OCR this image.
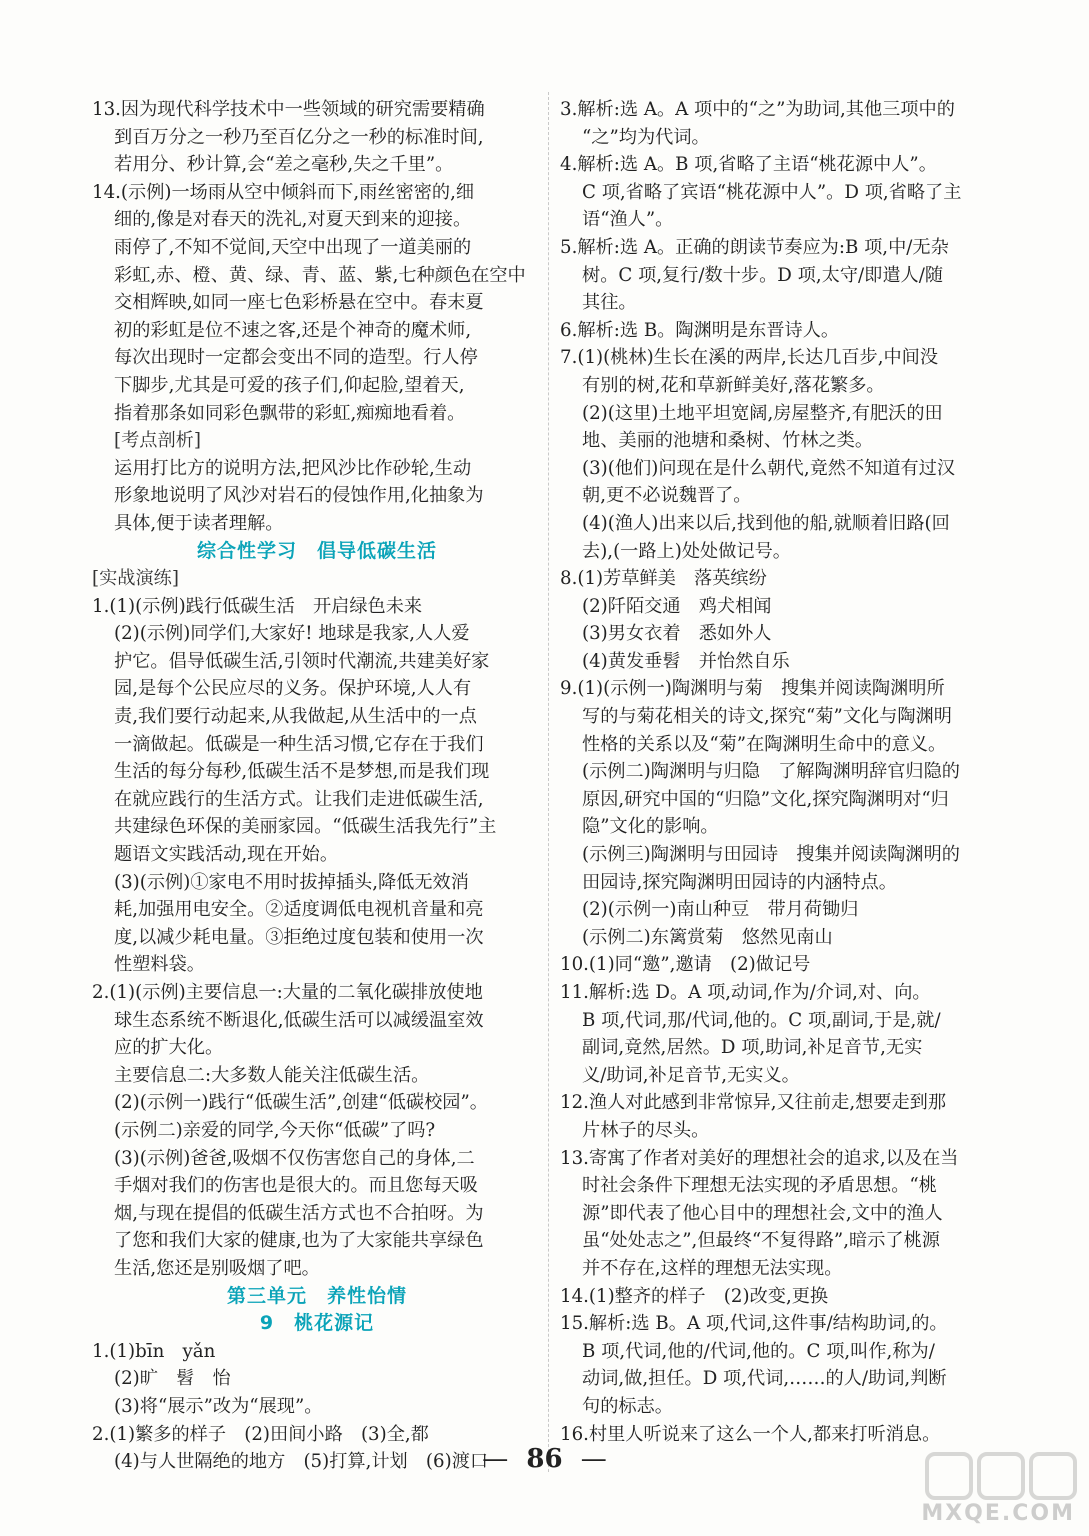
13.因为现代科学技术中一些领域的研究需要精确

到百万分之一秒乃至百亿分之一秒的标准时间,

若用分、秒计算,会“差之毫秒,失之千里”。

14.(示例)一场雨从空中倾斜而下,雨丝密密的,细

细的,像是对春天的洗礼,对夏天到来的迎接。

雨停了,不知不觉间,天空中出现了一道美丽的

彩虹,赤、橙、黄、绿、青、蓝、紫,七种颜色在空中

交相辉映,如同一座七色彩桥悬在空中。春末夏

初的彩虹是位不速之客,还是个神奇的魔术师,

每次出现时一定都会变出不同的造型。行人停

下脚步,尤其是可爱的孩子们,仰起脸,望着天,

指着那条如同彩色飘带的彩虹,痴痴地看着。

[考点剖析]

运用打比方的说明方法,把风沙比作砂轮,生动

形象地说明了风沙对岩石的侵蚀作用,化抽象为

具体,便于读者理解。

综合性学习　倡导低碳生活

[实战演练]

1.(1)(示例)践行低碳生活　开启绿色未来

(2)(示例)同学们,大家好! 地球是我家,人人爱

护它。倡导低碳生活,引领时代潮流,共建美好家

园,是每个公民应尽的义务。保护环境,人人有

责,我们要行动起来,从我做起,从生活中的一点

一滴做起。低碳是一种生活习惯,它存在于我们

生活的每分每秒,低碳生活不是梦想,而是我们现

在就应践行的生活方式。让我们走进低碳生活,

共建绿色环保的美丽家园。“低碳生活我先行”主

题语文实践活动,现在开始。

(3)(示例)①家电不用时拔掉插头,降低无效消

耗,加强用电安全。②适度调低电视机音量和亮

度,以减少耗电量。③拒绝过度包装和使用一次

性塑料袋。

2.(1)(示例)主要信息一:大量的二氧化碳排放使地

球生态系统不断退化,低碳生活可以减缓温室效

应的扩大化。

主要信息二:大多数人能关注低碳生活。

(2)(示例一)践行“低碳生活”,创建“低碳校园”。

(示例二)亲爱的同学,今天你“低碳”了吗?

(3)(示例)爸爸,吸烟不仅伤害您自己的身体,二

手烟对我们的伤害也是很大的。而且您每天吸

烟,与现在提倡的低碳生活方式也不合拍呀。为

了您和我们大家的健康,也为了大家能共享绿色

生活,您还是别吸烟了吧。

第三单元　养性怡情

9　桃花源记

1.(1)bīn　yǎn

(2)旷　髫　怡

(3)将“展示”改为“展现”。

2.(1)繁多的样子　(2)田间小路　(3)全,都

(4)与人世隔绝的地方　(5)打算,计划　(6)渡口

3.解析:选 A。A 项中的“之”为助词,其他三项中的

“之”均为代词。

4.解析:选 A。B 项,省略了主语“桃花源中人”。

C 项,省略了宾语“桃花源中人”。D 项,省略了主

语“渔人”。

5.解析:选 A。正确的朗读节奏应为:B 项,中/无杂

树。C 项,复行/数十步。D 项,太守/即遣人/随

其往。

6.解析:选 B。陶渊明是东晋诗人。

7.(1)(桃林)生长在溪的两岸,长达几百步,中间没

有别的树,花和草新鲜美好,落花繁多。

(2)(这里)土地平坦宽阔,房屋整齐,有肥沃的田

地、美丽的池塘和桑树、竹林之类。

(3)(他们)问现在是什么朝代,竟然不知道有过汉

朝,更不必说魏晋了。

(4)(渔人)出来以后,找到他的船,就顺着旧路(回

去),(一路上)处处做记号。

8.(1)芳草鲜美　落英缤纷

(2)阡陌交通　鸡犬相闻

(3)男女衣着　悉如外人

(4)黄发垂髫　并怡然自乐

9.(1)(示例一)陶渊明与菊　搜集并阅读陶渊明所

写的与菊花相关的诗文,探究“菊”文化与陶渊明

性格的关系以及“菊”在陶渊明生命中的意义。

(示例二)陶渊明与归隐　了解陶渊明辞官归隐的

原因,研究中国的“归隐”文化,探究陶渊明对“归

隐”文化的影响。

(示例三)陶渊明与田园诗　搜集并阅读陶渊明的

田园诗,探究陶渊明田园诗的内涵特点。

(2)(示例一)南山种豆　带月荷锄归

(示例二)东篱赏菊　悠然见南山

10.(1)同“邀”,邀请　(2)做记号

11.解析:选 D。A 项,动词,作为/介词,对、向。

B 项,代词,那/代词,他的。C 项,副词,于是,就/

副词,竟然,居然。D 项,助词,补足音节,无实

义/助词,补足音节,无实义。

12.渔人对此感到非常惊异,又往前走,想要走到那

片林子的尽头。

13.寄寓了作者对美好的理想社会的追求,以及在当

时社会条件下理想无法实现的矛盾思想。“桃

源”即代表了他心目中的理想社会,文中的渔人

虽“处处志之”,但最终“不复得路”,暗示了桃源

并不存在,这样的理想无法实现。

14.(1)整齐的样子　(2)改变,更换

15.解析:选 B。A 项,代词,这件事/结构助词,的。

B 项,代词,他的/代词,他的。C 项,叫作,称为/

动词,做,担任。D 项,代词,……的人/助词,判断

句的标志。

16.村里人听说来了这么一个人,都来打听消息。

— 86 —
MXQE.COM
